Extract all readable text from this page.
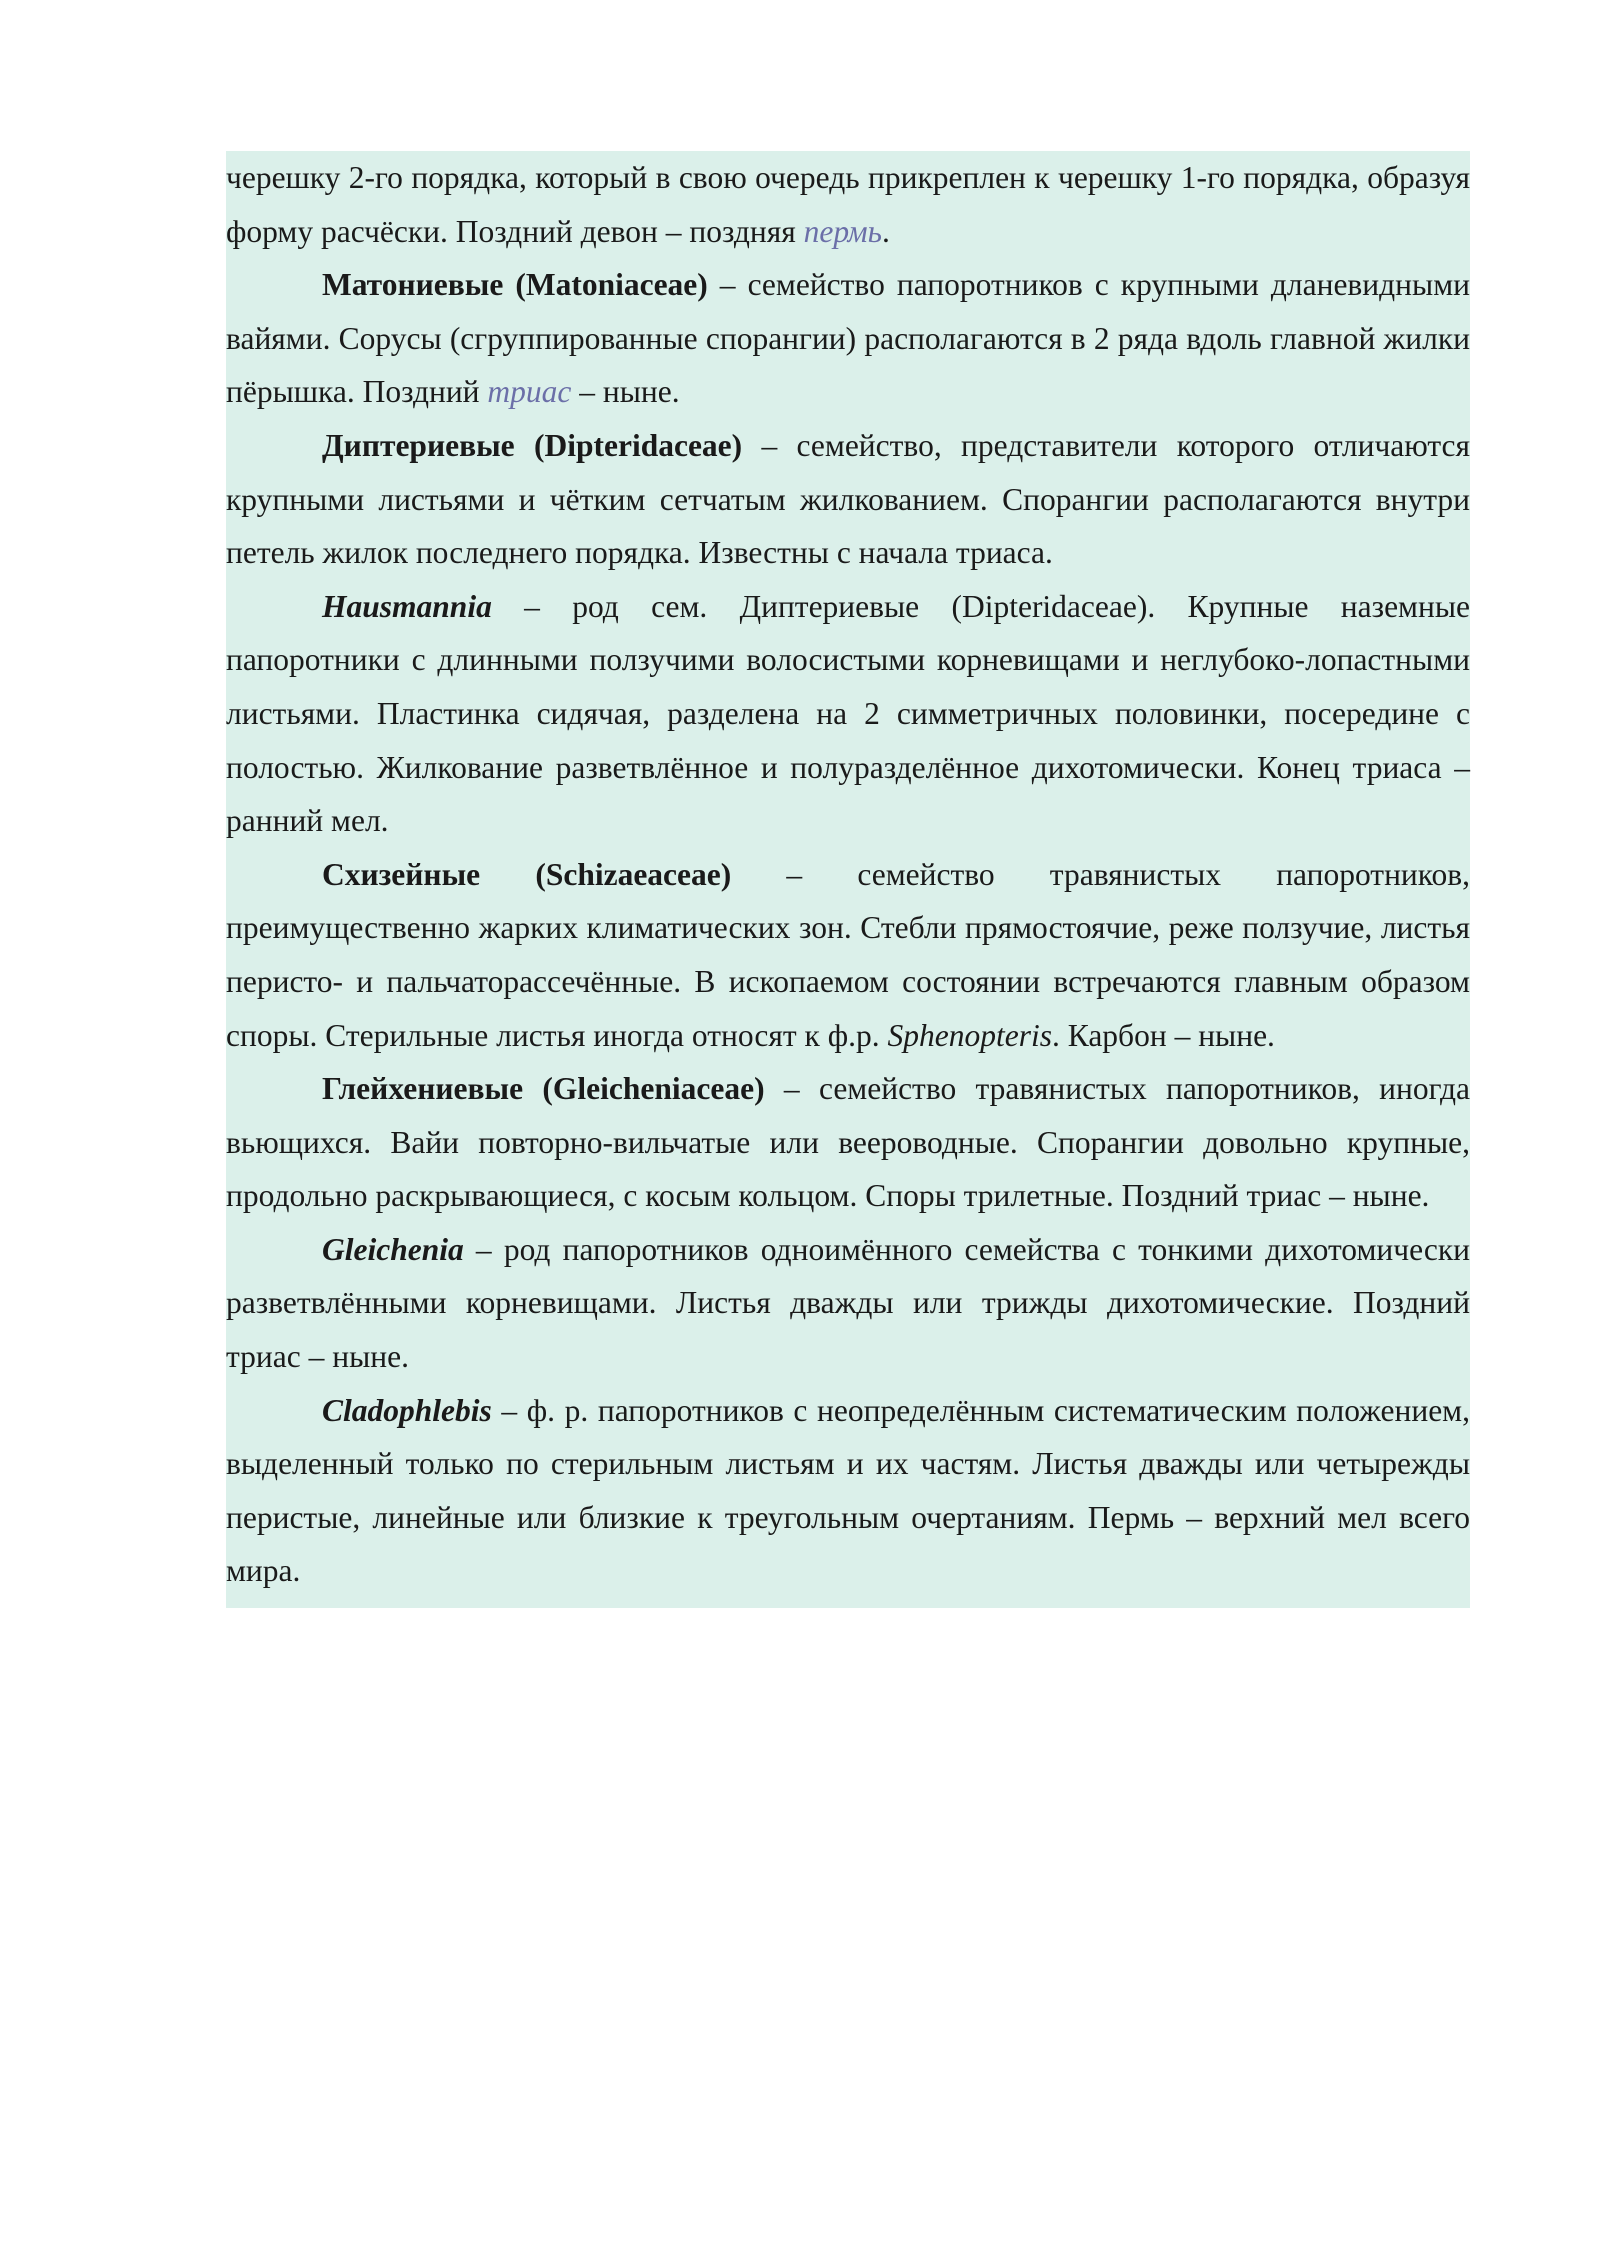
черешку 2-го порядка, который в свою очередь прикреплен к черешку 1-го порядка, образуя форму расчёски. Поздний девон – поздняя пермь.

Матониевые (Matoniaceae) – семейство папоротников с крупными дланевидными вайями. Сорусы (сгруппированные спорангии) располагаются в 2 ряда вдоль главной жилки пёрышка. Поздний триас – ныне.

Диптериевые (Dipteridaceae) – семейство, представители которого отличаются крупными листьями и чётким сетчатым жилкованием. Спорангии располагаются внутри петель жилок последнего порядка. Известны с начала триаса.

Hausmannia – род сем. Диптериевые (Dipteridaceae). Крупные наземные папоротники с длинными ползучими волосистыми корневищами и неглубоко-лопастными листьями. Пластинка сидячая, разделена на 2 симметричных половинки, посередине с полостью. Жилкование разветвлённое и полуразделённое дихотомически. Конец триаса – ранний мел.

Схизейные (Schizaeaceae) – семейство травянистых папоротников, преимущественно жарких климатических зон. Стебли прямостоячие, реже ползучие, листья перисто- и пальчаторассечённые. В ископаемом состоянии встречаются главным образом споры. Стерильные листья иногда относят к ф.р. Sphenopteris. Карбон – ныне.

Глейхениевые (Gleicheniaceae) – семейство травянистых папоротников, иногда вьющихся. Вайи повторно-вильчатые или веероводные. Спорангии довольно крупные, продольно раскрывающиеся, с косым кольцом. Споры трилетные. Поздний триас – ныне.

Gleichenia – род папоротников одноимённого семейства с тонкими дихотомически разветвлёнными корневищами. Листья дважды или трижды дихотомические. Поздний триас – ныне.

Cladophlebis – ф. р. папоротников с неопределённым систематическим положением, выделенный только по стерильным листьям и их частям. Листья дважды или четырежды перистые, линейные или близкие к треугольным очертаниям. Пермь – верхний мел всего мира.
